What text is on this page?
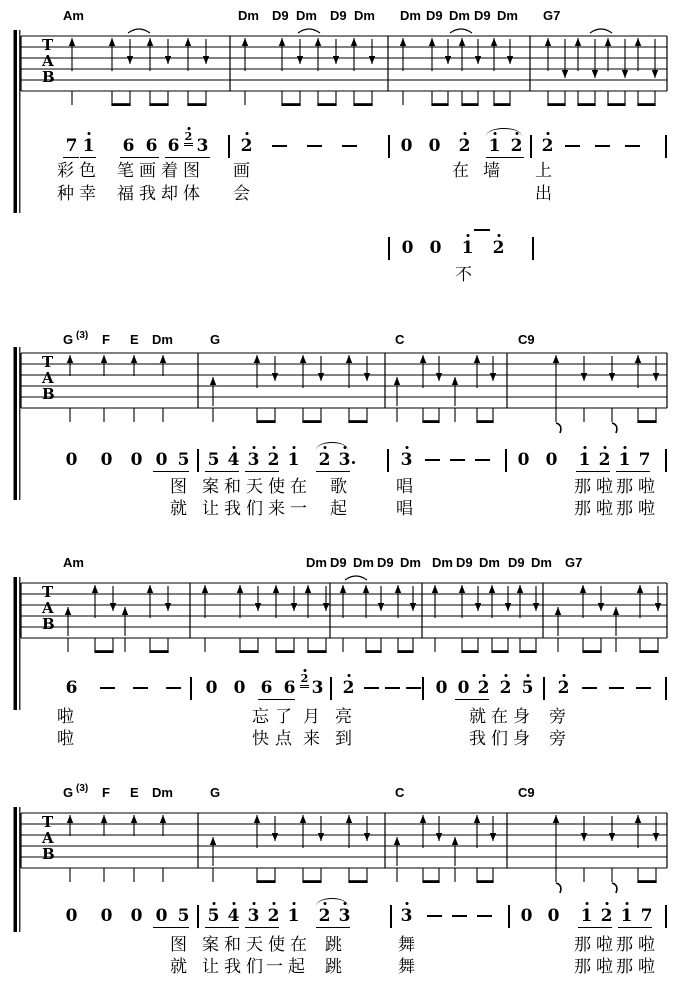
T
A
B
Am	Dm D9 Dm D9 Dm Dm D9 Dm D9 Dm G7
7 1 6 6 6 2 3 2	0 0 2 1 2 2
彩 色 笔 画 着 图 画	在 墙 上
种 幸 福 我 却 体 会	出
0 0 1 2
不
T
A
B
G (3) F E Dm	G	C	C9
0 0 0 0 5 5 4 3 2 1 2 3	3	0 0 1 2 1 7
图 案 和 天 使 在 歌	唱	那 啦 那 啦
就 让 我 们 来 一 起	唱	那 啦 那 啦
T
A
B
Am	Dm D9 Dm D9 Dm Dm D9 Dm D9 Dm G7
6	0 0 6 6 2 3 2	0 0 2 2 5 2
啦	忘 了 月 亮	就 在 身 旁
啦	快 点 来 到	我 们 身 旁
T
A
B
G (3) F E Dm	G	C	C9
0 0 0 0 5 5 4 3 2 1 2 3	3	0 0 1 2 1 7
图 案 和 天 使 在 跳	舞	那 啦 那 啦
就 让 我 们 一 起 跳	舞	那 啦 那 啦
